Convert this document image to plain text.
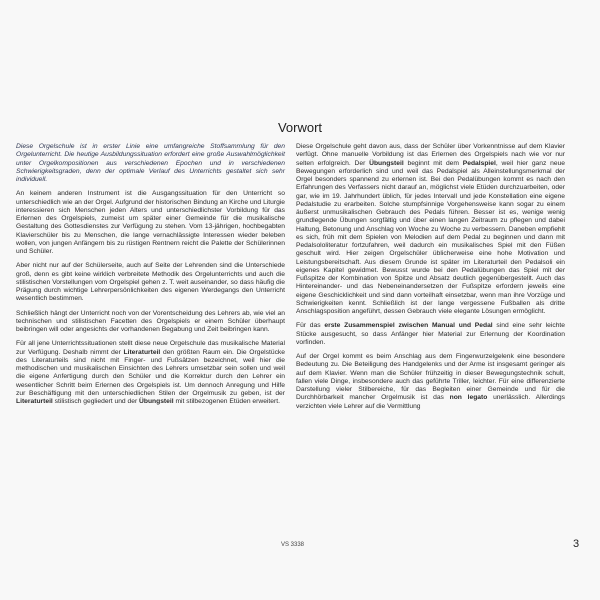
Vorwort

Diese Orgelschule ist in erster Linie eine umfangreiche Stoffsammlung für den Orgelunterricht. Die heutige Ausbildungssituation erfordert eine große Auswahlmöglichkeit unter Orgelkompositionen aus verschiedenen Epochen und in verschiedenen Schwierigkeitsgraden, denn der optimale Verlauf des Unterrichts gestaltet sich sehr individuell.

An keinem anderen Instrument ist die Ausgangssituation für den Unterricht so unterschiedlich wie an der Orgel. Aufgrund der historischen Bindung an Kirche und Liturgie interessieren sich Menschen jeden Alters und unterschiedlichster Vorbildung für das Erlernen des Orgelspiels, zumeist um später einer Gemeinde für die musikalische Gestaltung des Gottesdienstes zur Verfügung zu stehen. Vom 13-jährigen, hochbegabten Klavierschüler bis zu Menschen, die lange vernachlässigte Interessen wieder beleben wollen, von jungen Anfängern bis zu rüstigen Rentnern reicht die Palette der Schülerinnen und Schüler.

Aber nicht nur auf der Schülerseite, auch auf Seite der Lehrenden sind die Unterschiede groß, denn es gibt keine wirklich verbreitete Methodik des Orgelunterrichts und auch die stilistischen Vorstellungen vom Orgelspiel gehen z. T. weit auseinander, so dass häufig die Prägung durch wichtige Lehrerpersönlichkeiten des eigenen Werdegangs den Unterricht wesentlich bestimmen.

Schließlich hängt der Unterricht noch von der Vorentscheidung des Lehrers ab, wie viel an technischen und stilistischen Facetten des Orgelspiels er einem Schüler überhaupt beibringen will oder angesichts der vorhandenen Begabung und Zeit beibringen kann.

Für all jene Unterrichtssituationen stellt diese neue Orgelschule das musikalische Material zur Verfügung. Deshalb nimmt der Literaturteil den größten Raum ein. Die Orgelstücke des Literaturteils sind nicht mit Finger- und Fußsätzen bezeichnet, weil hier die methodischen und musikalischen Einsichten des Lehrers umsetzbar sein sollen und weil die eigene Anfertigung durch den Schüler und die Korrektur durch den Lehrer ein wesentlicher Schritt beim Erlernen des Orgelspiels ist. Um dennoch Anregung und Hilfe zur Beschäftigung mit den unterschiedlichen Stilen der Orgelmusik zu geben, ist der Literaturteil stilistisch gegliedert und der Übungsteil mit stilbezogenen Etüden erweitert.

Diese Orgelschule geht davon aus, dass der Schüler über Vorkenntnisse auf dem Klavier verfügt. Ohne manuelle Vorbildung ist das Erlernen des Orgelspiels nach wie vor nur selten erfolgreich. Der Übungsteil beginnt mit dem Pedalspiel, weil hier ganz neue Bewegungen erforderlich sind und weil das Pedalspiel als Alleinstellungsmerkmal der Orgel besonders spannend zu erlernen ist. Bei den Pedalübungen kommt es nach den Erfahrungen des Verfassers nicht darauf an, möglichst viele Etüden durchzuarbeiten, oder gar, wie im 19. Jahrhundert üblich, für jedes Intervall und jede Konstellation eine eigene Pedalstudie zu erarbeiten. Solche stumpfsinnige Vorgehensweise kann sogar zu einem äußerst unmusikalischen Gebrauch des Pedals führen. Besser ist es, wenige wenig grundlegende Übungen sorgfältig und über einen langen Zeitraum zu pflegen und dabei Haltung, Betonung und Anschlag von Woche zu Woche zu verbessern. Daneben empfiehlt es sich, früh mit dem Spielen von Melodien auf dem Pedal zu beginnen und dann mit Pedalsololiteratur fortzufahren, weil dadurch ein musikalisches Spiel mit den Füßen geschult wird. Hier zeigen Orgelschüler üblicherweise eine hohe Motivation und Leistungsbereitschaft. Aus diesem Grunde ist später im Literaturteil den Pedalsoli ein eigenes Kapitel gewidmet. Bewusst wurde bei den Pedalübungen das Spiel mit der Fußspitze der Kombination von Spitze und Absatz deutlich gegenübergestellt. Auch das Hintereinander- und das Nebeneinandersetzen der Fußspitze erfordern jeweils eine eigene Geschicklichkeit und sind dann vorteilhaft einsetzbar, wenn man ihre Vorzüge und Schwierigkeiten kennt. Schließlich ist der lange vergessene Fußballen als dritte Anschlagsposition angeführt, dessen Gebrauch viele elegante Lösungen ermöglicht.

Für das erste Zusammenspiel zwischen Manual und Pedal sind eine sehr leichte Stücke ausgesucht, so dass Anfänger hier Material zur Erlernung der Koordination vorfinden.

Auf der Orgel kommt es beim Anschlag aus dem Fingerwurzelgelenk eine besondere Bedeutung zu. Die Beteiligung des Handgelenks und der Arme ist insgesamt geringer als auf dem Klavier. Wenn man die Schüler frühzeitig in dieser Bewegungstechnik schult, fallen viele Dinge, insbesondere auch das geführte Triller, leichter. Für eine differenzierte Darstellung vieler Stilbereiche, für das Begleiten einer Gemeinde und für die Durchhörbarkeit mancher Orgelmusik ist das non legato unerlässlich. Allerdings verzichten viele Lehrer auf die Vermittlung

VS 3338	3
